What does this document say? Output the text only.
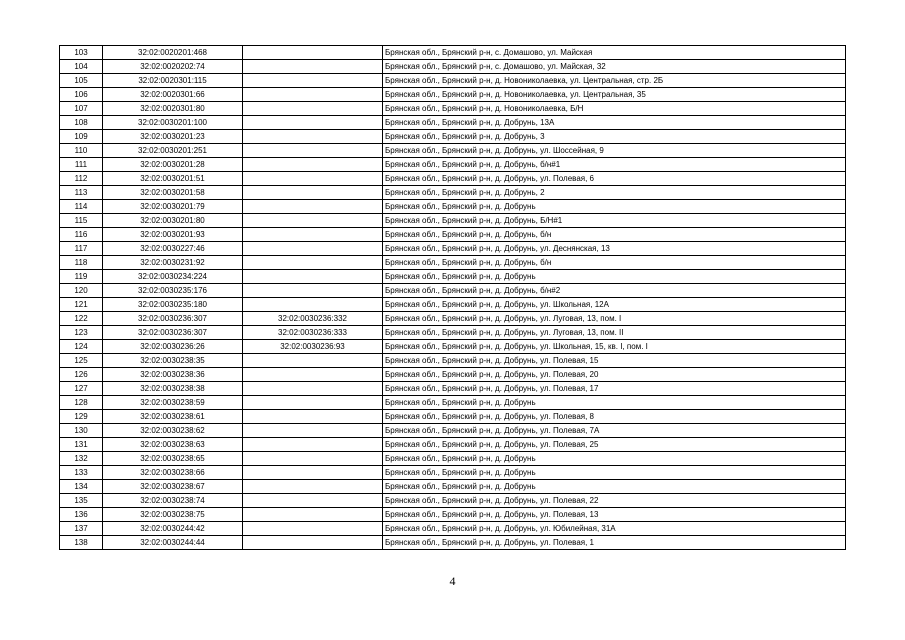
103	32:02:0020201:468		Брянская обл., Брянский р-н, с. Домашово, ул. Майская
104	32:02:0020202:74		Брянская обл., Брянский р-н, с. Домашово, ул. Майская, 32
105	32:02:0020301:115		Брянская обл., Брянский р-н, д. Новониколаевка, ул. Центральная, стр. 2Б
106	32:02:0020301:66		Брянская обл., Брянский р-н, д. Новониколаевка, ул. Центральная, 35
107	32:02:0020301:80		Брянская обл., Брянский р-н, д. Новониколаевка, Б/Н
108	32:02:0030201:100		Брянская обл., Брянский р-н, д. Добрунь, 13А
109	32:02:0030201:23		Брянская обл., Брянский р-н, д. Добрунь, 3
110	32:02:0030201:251		Брянская обл., Брянский р-н, д. Добрунь, ул. Шоссейная, 9
111	32:02:0030201:28		Брянская обл., Брянский р-н, д. Добрунь, б/н#1
112	32:02:0030201:51		Брянская обл., Брянский р-н, д. Добрунь, ул. Полевая, 6
113	32:02:0030201:58		Брянская обл., Брянский р-н, д. Добрунь, 2
114	32:02:0030201:79		Брянская обл., Брянский р-н, д. Добрунь
115	32:02:0030201:80		Брянская обл., Брянский р-н, д. Добрунь, Б/Н#1
116	32:02:0030201:93		Брянская обл., Брянский р-н, д. Добрунь, б/н
117	32:02:0030227:46		Брянская обл., Брянский р-н, д. Добрунь, ул. Деснянская, 13
118	32:02:0030231:92		Брянская обл., Брянский р-н, д. Добрунь, б/н
119	32:02:0030234:224		Брянская обл., Брянский р-н, д. Добрунь
120	32:02:0030235:176		Брянская обл., Брянский р-н, д. Добрунь, б/н#2
121	32:02:0030235:180		Брянская обл., Брянский р-н, д. Добрунь, ул. Школьная, 12А
122	32:02:0030236:307	32:02:0030236:332	Брянская обл., Брянский р-н, д. Добрунь, ул. Луговая, 13, пом. I
123	32:02:0030236:307	32:02:0030236:333	Брянская обл., Брянский р-н, д. Добрунь, ул. Луговая, 13, пом. II
124	32:02:0030236:26	32:02:0030236:93	Брянская обл., Брянский р-н, д. Добрунь, ул. Школьная, 15, кв. I, пом. I
125	32:02:0030238:35		Брянская обл., Брянский р-н, д. Добрунь, ул. Полевая, 15
126	32:02:0030238:36		Брянская обл., Брянский р-н, д. Добрунь, ул. Полевая, 20
127	32:02:0030238:38		Брянская обл., Брянский р-н, д. Добрунь, ул. Полевая, 17
128	32:02:0030238:59		Брянская обл., Брянский р-н, д. Добрунь
129	32:02:0030238:61		Брянская обл., Брянский р-н, д. Добрунь, ул. Полевая, 8
130	32:02:0030238:62		Брянская обл., Брянский р-н, д. Добрунь, ул. Полевая, 7А
131	32:02:0030238:63		Брянская обл., Брянский р-н, д. Добрунь, ул. Полевая, 25
132	32:02:0030238:65		Брянская обл., Брянский р-н, д. Добрунь
133	32:02:0030238:66		Брянская обл., Брянский р-н, д. Добрунь
134	32:02:0030238:67		Брянская обл., Брянский р-н, д. Добрунь
135	32:02:0030238:74		Брянская обл., Брянский р-н, д. Добрунь, ул. Полевая, 22
136	32:02:0030238:75		Брянская обл., Брянский р-н, д. Добрунь, ул. Полевая, 13
137	32:02:0030244:42		Брянская обл., Брянский р-н, д. Добрунь, ул. Юбилейная, 31А
138	32:02:0030244:44		Брянская обл., Брянский р-н, д. Добрунь, ул. Полевая, 1
4
